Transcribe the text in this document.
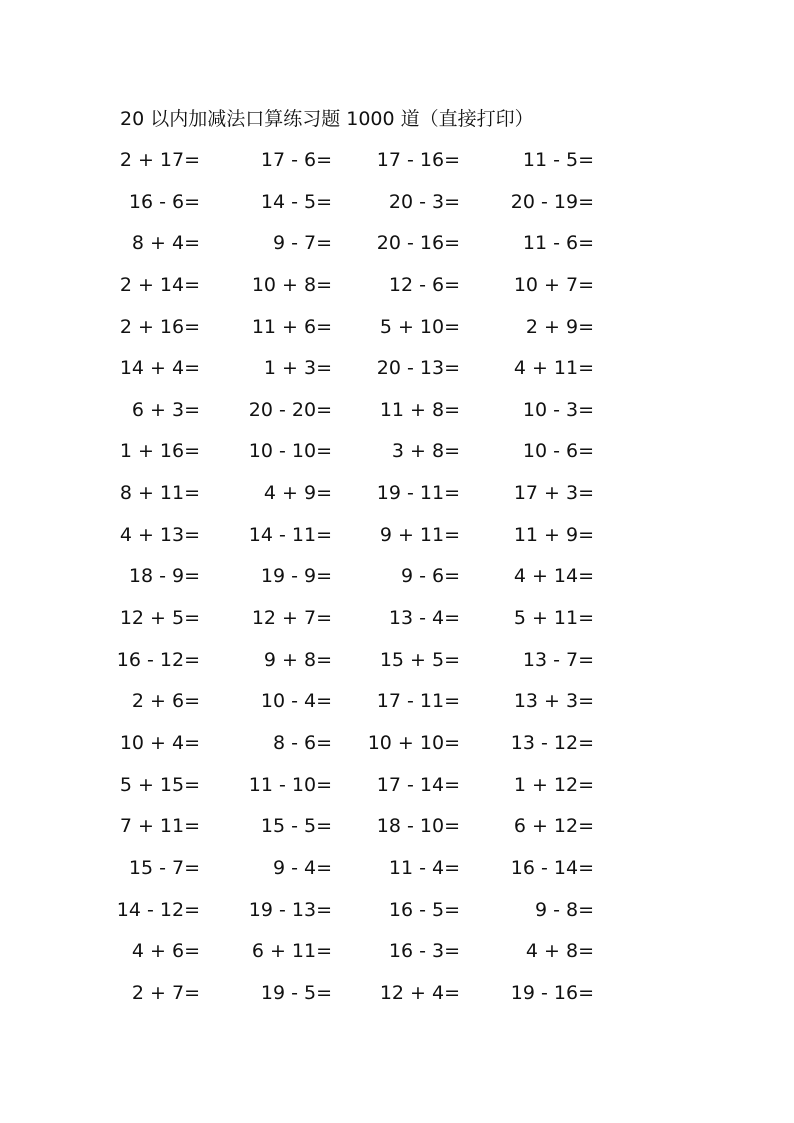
20 以内加减法口算练习题 1000 道（直接打印）
2 + 17=	17 - 6=	17 - 16=	11 - 5=
16 - 6=	14 - 5=	20 - 3=	20 - 19=
8 + 4=	9 - 7=	20 - 16=	11 - 6=
2 + 14=	10 + 8=	12 - 6=	10 + 7=
2 + 16=	11 + 6=	5 + 10=	2 + 9=
14 + 4=	1 + 3=	20 - 13=	4 + 11=
6 + 3=	20 - 20=	11 + 8=	10 - 3=
1 + 16=	10 - 10=	3 + 8=	10 - 6=
8 + 11=	4 + 9=	19 - 11=	17 + 3=
4 + 13=	14 - 11=	9 + 11=	11 + 9=
18 - 9=	19 - 9=	9 - 6=	4 + 14=
12 + 5=	12 + 7=	13 - 4=	5 + 11=
16 - 12=	9 + 8=	15 + 5=	13 - 7=
2 + 6=	10 - 4=	17 - 11=	13 + 3=
10 + 4=	8 - 6=	10 + 10=	13 - 12=
5 + 15=	11 - 10=	17 - 14=	1 + 12=
7 + 11=	15 - 5=	18 - 10=	6 + 12=
15 - 7=	9 - 4=	11 - 4=	16 - 14=
14 - 12=	19 - 13=	16 - 5=	9 - 8=
4 + 6=	6 + 11=	16 - 3=	4 + 8=
2 + 7=	19 - 5=	12 + 4=	19 - 16=
